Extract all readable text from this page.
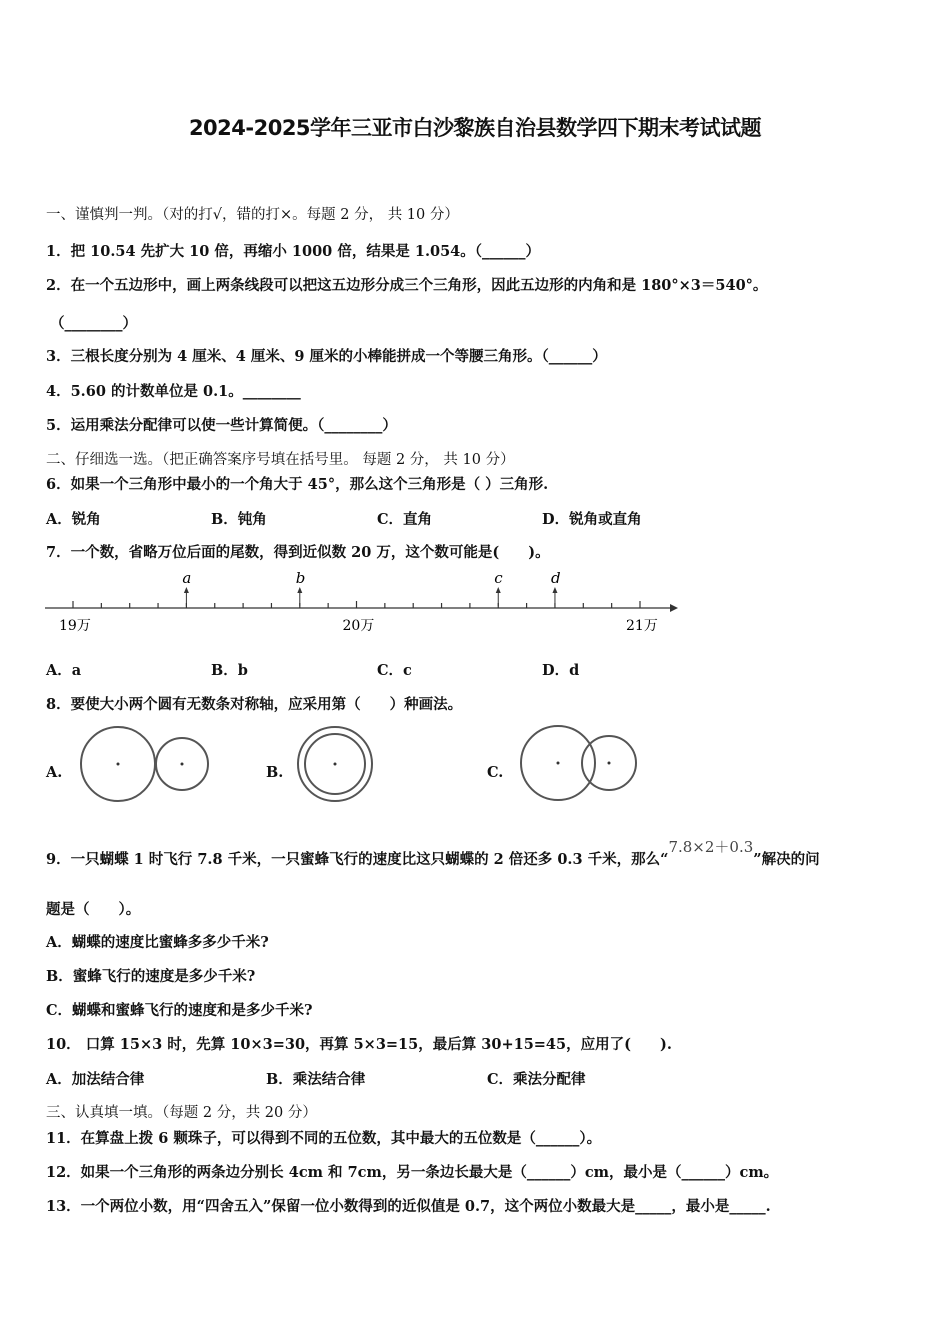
2024-2025学年三亚市白沙黎族自治县数学四下期末考试试题
一、谨慎判一判。（对的打√，错的打×。每题 2 分， 共 10 分）
1．把 10.54 先扩大 10 倍，再缩小 1000 倍，结果是 1.054。（______）
2．在一个五边形中，画上两条线段可以把这五边形分成三个三角形，因此五边形的内角和是 180°×3＝540°。
（________）
3．三根长度分别为 4 厘米、4 厘米、9 厘米的小棒能拼成一个等腰三角形。（______）
4．5.60 的计数单位是 0.1。________
5．运用乘法分配律可以使一些计算简便。（________）
二、仔细选一选。（把正确答案序号填在括号里。 每题 2 分， 共 10 分）
6．如果一个三角形中最小的一个角大于 45°，那么这个三角形是（ ）三角形.
A．锐角	B．钝角	C．直角	D．锐角或直角
7．一个数，省略万位后面的尾数，得到近似数 20 万，这个数可能是(　　)。
a	b	c	d
19万	20万	21万
A．a	B．b	C．c	D．d
8．要使大小两个圆有无数条对称轴，应采用第（　　）种画法。
A.	B.	C.
9．一只蝴蝶 1 时飞行 7.8 千米，一只蜜蜂飞行的速度比这只蝴蝶的 2 倍还多 0.3 千米，那么“7.8×2＋0.3”解决的问
题是（　　）。
A．蝴蝶的速度比蜜蜂多多少千米?
B．蜜蜂飞行的速度是多少千米?
C．蝴蝶和蜜蜂飞行的速度和是多少千米?
10． 口算 15×3 时，先算 10×3=30，再算 5×3=15，最后算 30+15=45，应用了(　　).
A．加法结合律	B．乘法结合律	C．乘法分配律
三、认真填一填。（每题 2 分，共 20 分）
11．在算盘上拨 6 颗珠子，可以得到不同的五位数，其中最大的五位数是（______）。
12．如果一个三角形的两条边分别长 4cm 和 7cm，另一条边长最大是（______）cm，最小是（______）cm。
13．一个两位小数，用“四舍五入”保留一位小数得到的近似值是 0.7，这个两位小数最大是_____，最小是_____.
